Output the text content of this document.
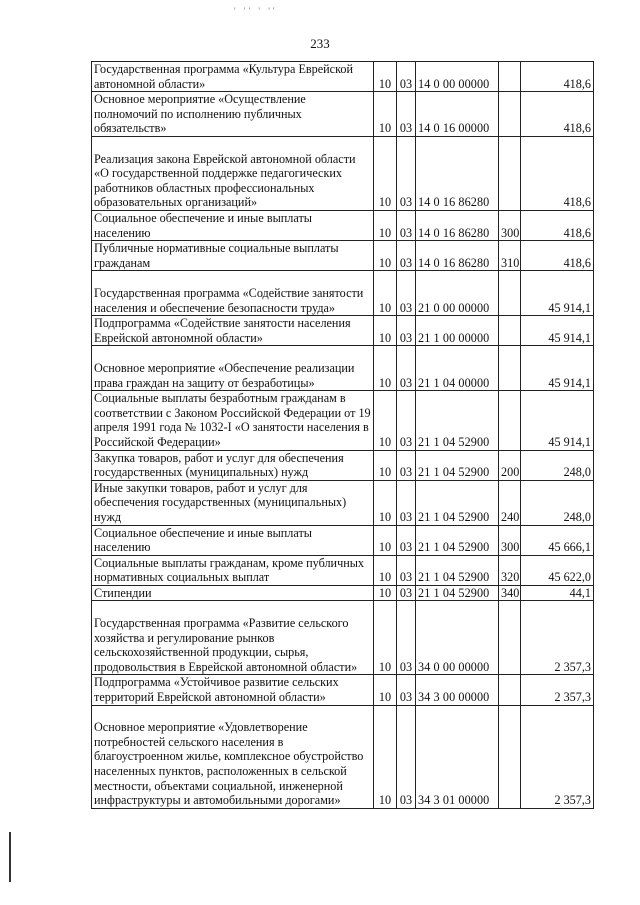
' '' ' ''
233
Государственная программа «Культура Еврейской автономной области»	10	03	14 0 00 00000		418,6
Основное мероприятие «Осуществление полномочий по исполнению публичных обязательств»	10	03	14 0 16 00000		418,6
Реализация закона Еврейской автономной области «О государственной поддержке педагогических работников областных профессиональных образовательных организаций»	10	03	14 0 16 86280		418,6
Социальное обеспечение и иные выплаты населению	10	03	14 0 16 86280	300	418,6
Публичные нормативные социальные выплаты гражданам	10	03	14 0 16 86280	310	418,6
Государственная программа «Содействие занятости населения и обеспечение безопасности труда»	10	03	21 0 00 00000		45 914,1
Подпрограмма «Содействие занятости населения Еврейской автономной области»	10	03	21 1 00 00000		45 914,1
Основное мероприятие «Обеспечение реализации права граждан на защиту от безработицы»	10	03	21 1 04 00000		45 914,1
Социальные выплаты безработным гражданам в соответствии с Законом Российской Федерации от 19 апреля 1991 года № 1032-I «О занятости населения в Российской Федерации»	10	03	21 1 04 52900		45 914,1
Закупка товаров, работ и услуг для обеспечения государственных (муниципальных) нужд	10	03	21 1 04 52900	200	248,0
Иные закупки товаров, работ и услуг для обеспечения государственных (муниципальных) нужд	10	03	21 1 04 52900	240	248,0
Социальное обеспечение и иные выплаты населению	10	03	21 1 04 52900	300	45 666,1
Социальные выплаты гражданам, кроме публичных нормативных социальных выплат	10	03	21 1 04 52900	320	45 622,0
Стипендии	10	03	21 1 04 52900	340	44,1
Государственная программа «Развитие сельского хозяйства и регулирование рынков сельскохозяйственной продукции, сырья, продовольствия в Еврейской автономной области»	10	03	34 0 00 00000		2 357,3
Подпрограмма «Устойчивое развитие сельских территорий Еврейской автономной области»	10	03	34 3 00 00000		2 357,3
Основное мероприятие «Удовлетворение потребностей сельского населения в благоустроенном жилье, комплексное обустройство населенных пунктов, расположенных в сельской местности, объектами социальной, инженерной инфраструктуры и автомобильными дорогами»	10	03	34 3 01 00000		2 357,3
